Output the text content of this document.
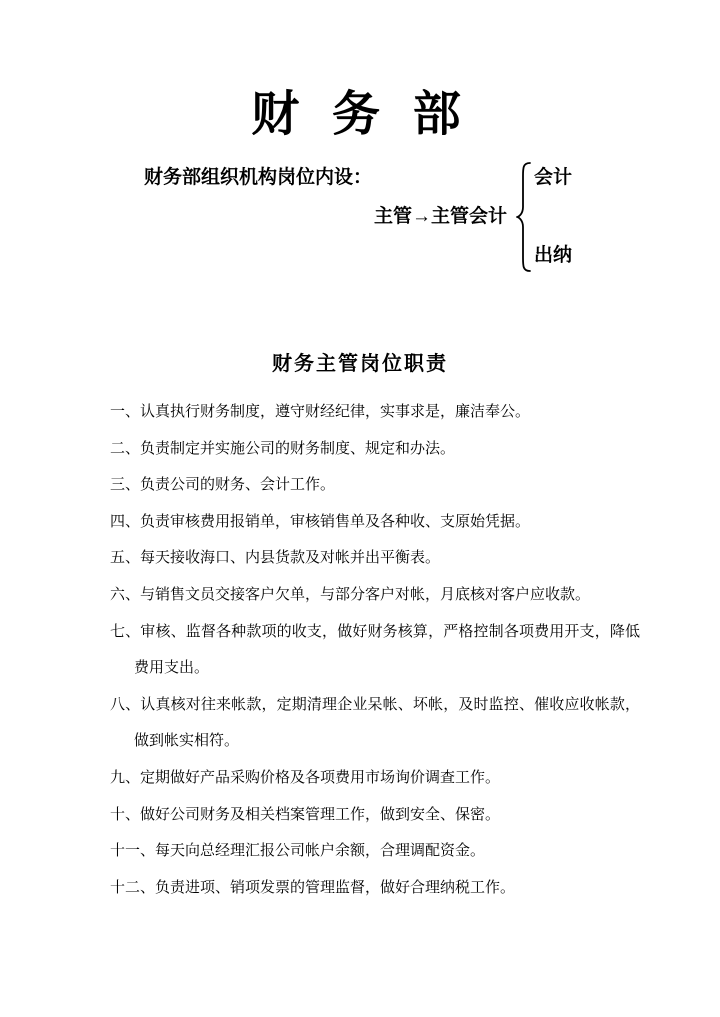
财 务 部

财务部组织机构岗位内设：

主管→主管会计

会计

出纳

财务主管岗位职责
一、认真执行财务制度，遵守财经纪律，实事求是，廉洁奉公。
二、负责制定并实施公司的财务制度、规定和办法。
三、负责公司的财务、会计工作。
四、负责审核费用报销单，审核销售单及各种收、支原始凭据。
五、每天接收海口、内县货款及对帐并出平衡表。
六、与销售文员交接客户欠单，与部分客户对帐，月底核对客户应收款。
七、审核、监督各种款项的收支，做好财务核算，严格控制各项费用开支，降低费用支出。
八、认真核对往来帐款，定期清理企业呆帐、坏帐，及时监控、催收应收帐款，做到帐实相符。
九、定期做好产品采购价格及各项费用市场询价调查工作。
十、做好公司财务及相关档案管理工作，做到安全、保密。
十一、每天向总经理汇报公司帐户余额，合理调配资金。
十二、负责进项、销项发票的管理监督，做好合理纳税工作。
